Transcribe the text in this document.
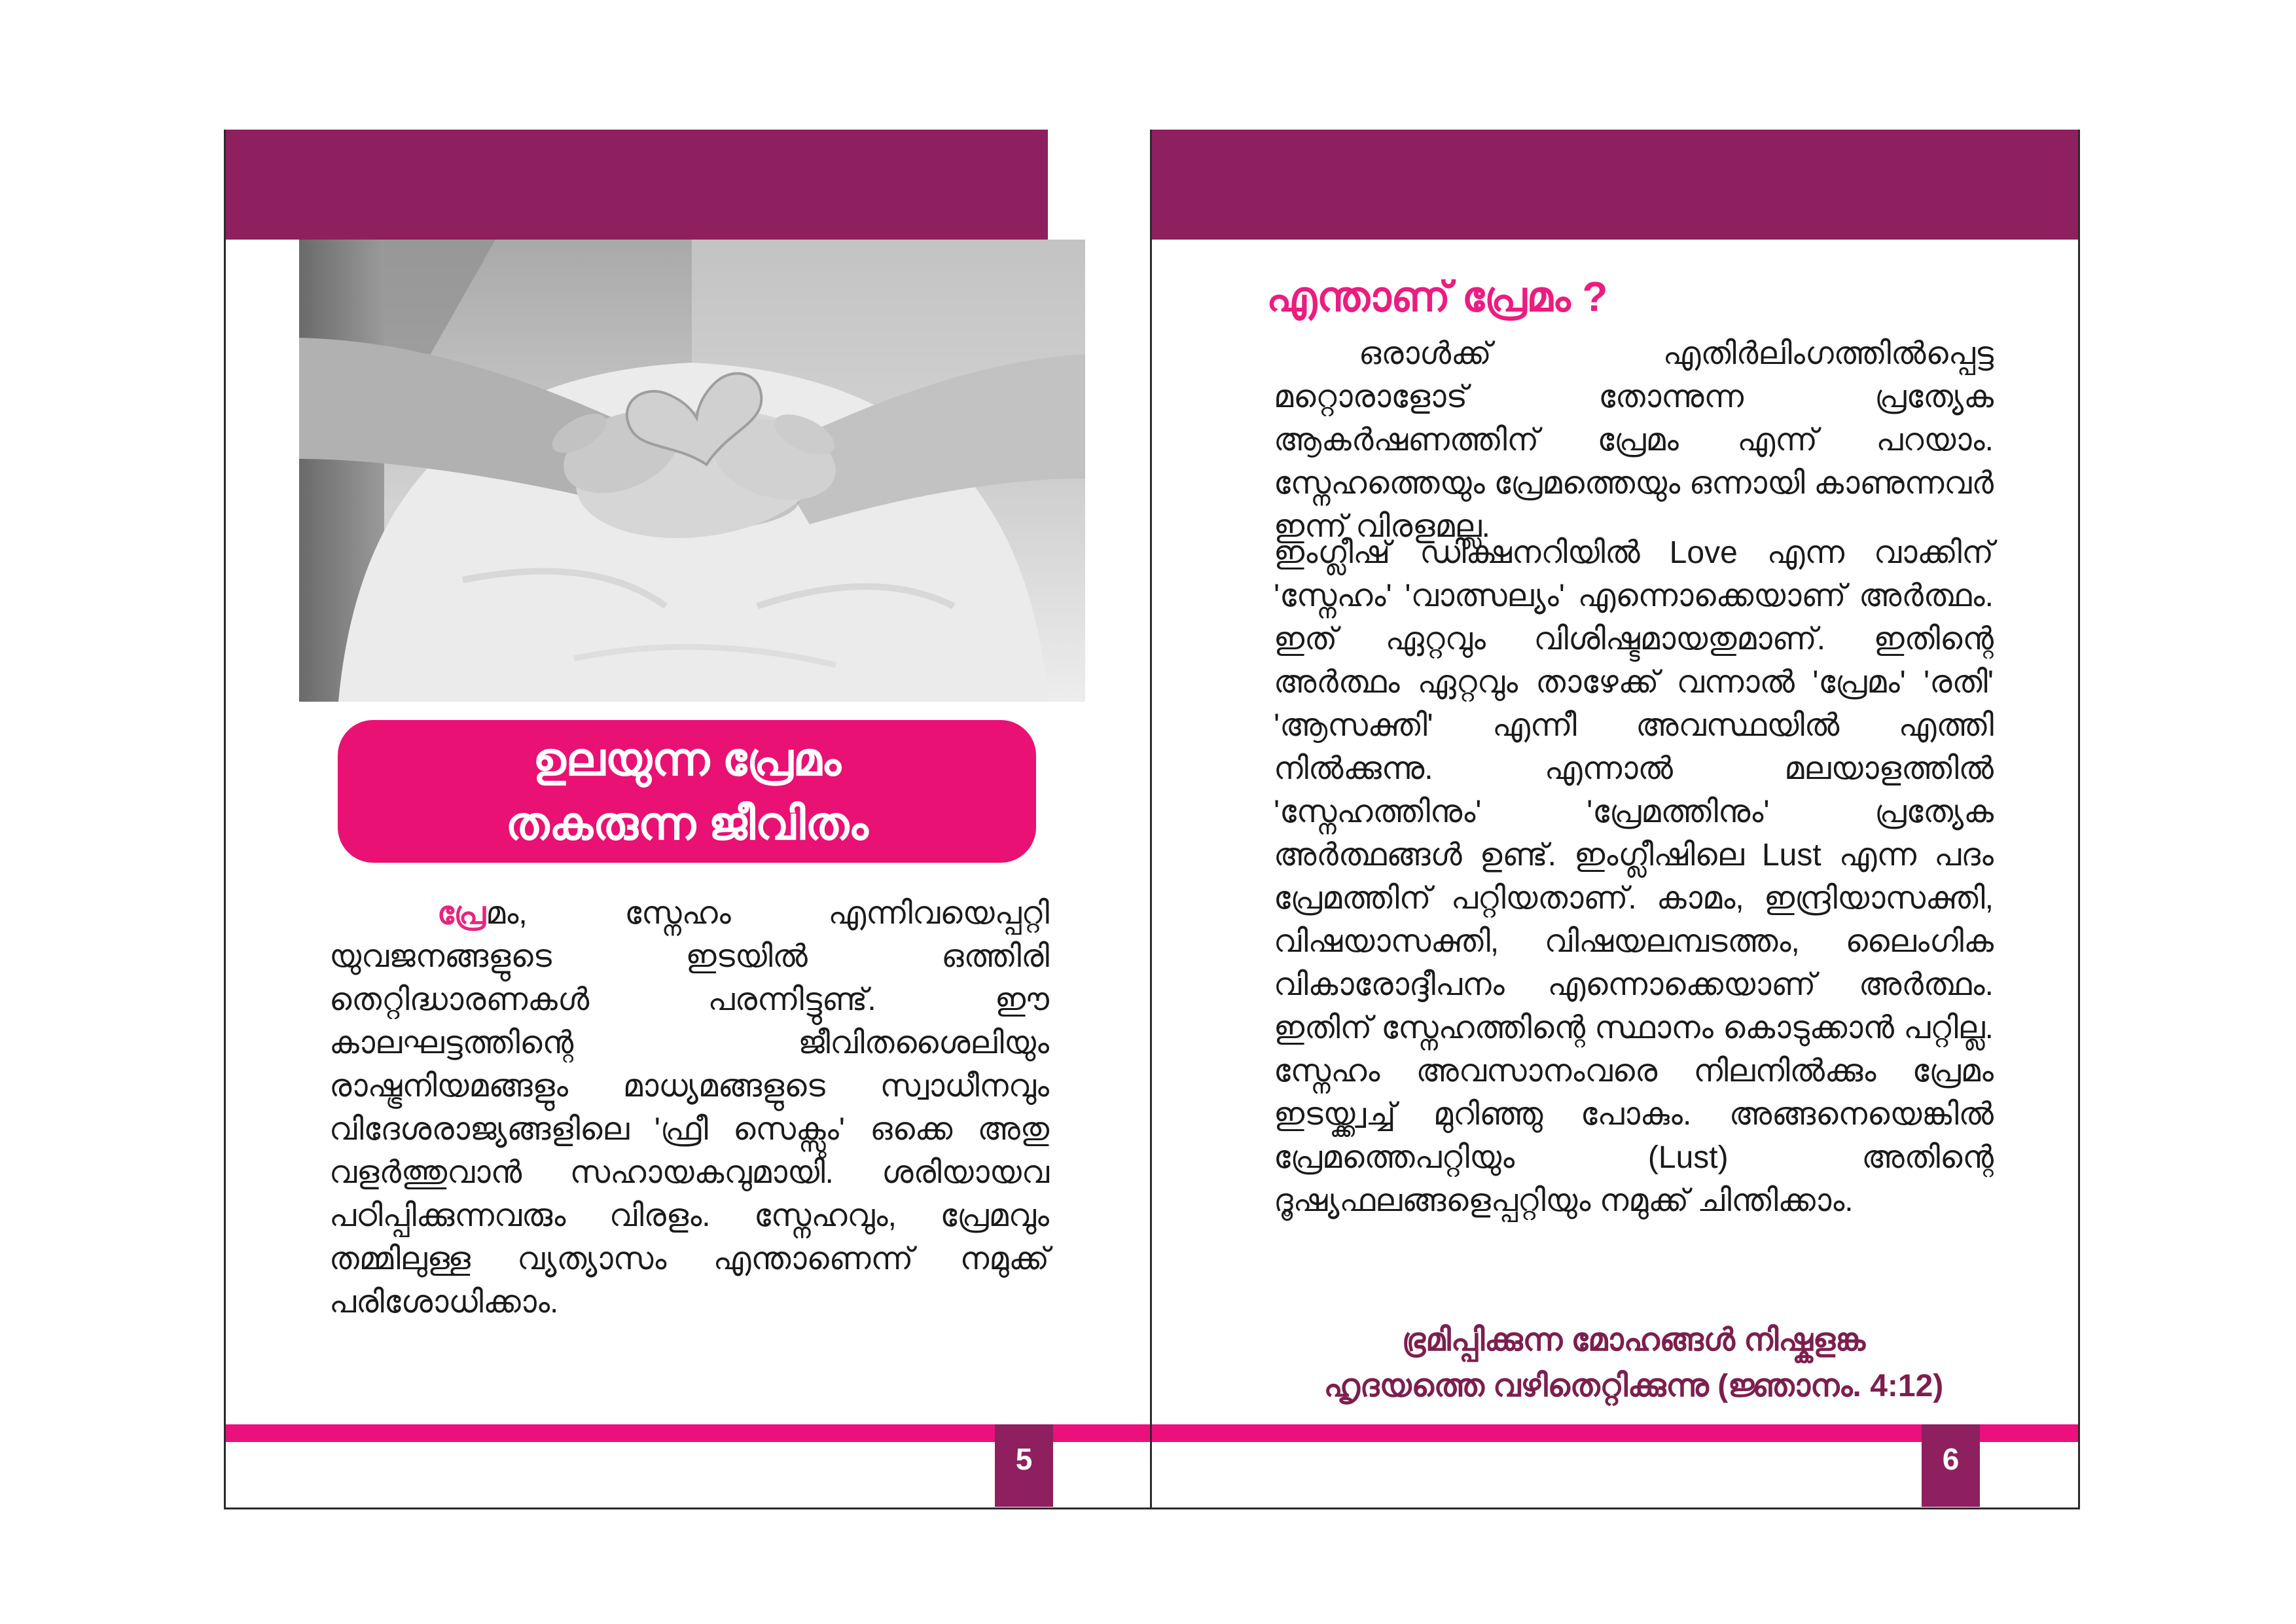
ഉലയുന്ന പ്രേമം
തകരുന്ന ജീവിതം
പ്രേമം, സ്നേഹം എന്നിവയെപ്പറ്റി യുവജനങ്ങളുടെ ഇടയിൽ ഒത്തിരി തെറ്റിദ്ധാരണകൾ പരന്നിട്ടുണ്ട്. ഈ കാലഘട്ടത്തിന്റെ ജീവിതശൈലിയും രാഷ്ട്രനിയമങ്ങളും മാധ്യമങ്ങളുടെ സ്വാധീനവും വിദേശരാജ്യങ്ങളിലെ 'ഫ്രീ സെക്സും' ഒക്കെ അതു വളർത്തുവാൻ സഹായകവുമായി. ശരിയായവ പഠിപ്പിക്കുന്നവരും വിരളം. സ്നേഹവും, പ്രേമവും തമ്മിലുള്ള വ്യത്യാസം എന്താണെന്ന് നമുക്ക് പരിശോധിക്കാം.
എന്താണ് പ്രേമം ?
ഒരാൾക്ക് എതിർലിംഗത്തിൽപ്പെട്ട മറ്റൊരാളോട് തോന്നുന്ന പ്രത്യേക ആകർഷണത്തിന് പ്രേമം എന്ന് പറയാം. സ്നേഹത്തെയും പ്രേമത്തെയും ഒന്നായി കാണുന്നവർ ഇന്ന് വിരളമല്ല.
ഇംഗ്ലീഷ് ഡിക്ഷനറിയിൽ Love എന്ന വാക്കിന് 'സ്നേഹം' 'വാത്സല്യം' എന്നൊക്കെയാണ് അർത്ഥം. ഇത് ഏറ്റവും വിശിഷ്ടമായതുമാണ്. ഇതിന്റെ അർത്ഥം ഏറ്റവും താഴേക്ക് വന്നാൽ 'പ്രേമം' 'രതി' 'ആസക്തി' എന്നീ അവസ്ഥയിൽ എത്തി നിൽക്കുന്നു. എന്നാൽ മലയാളത്തിൽ 'സ്നേഹത്തിനും' 'പ്രേമത്തിനും' പ്രത്യേക അർത്ഥങ്ങൾ ഉണ്ട്. ഇംഗ്ലീഷിലെ Lust എന്ന പദം പ്രേമത്തിന് പറ്റിയതാണ്. കാമം, ഇന്ദ്രിയാസക്തി, വിഷയാസക്തി, വിഷയലമ്പടത്തം, ലൈംഗിക വികാരോദ്ദീപനം എന്നൊക്കെയാണ് അർത്ഥം. ഇതിന് സ്നേഹത്തിന്റെ സ്ഥാനം കൊടുക്കാൻ പറ്റില്ല. സ്നേഹം അവസാനംവരെ നിലനിൽക്കും പ്രേമം ഇടയ്ക്ക്വച്ച് മുറിഞ്ഞു പോകും. അങ്ങനെയെങ്കിൽ പ്രേമത്തെപറ്റിയും (Lust) അതിന്റെ ദൂഷ്യഫലങ്ങളെപ്പറ്റിയും നമുക്ക് ചിന്തിക്കാം.
ഭ്രമിപ്പിക്കുന്ന മോഹങ്ങൾ നിഷ്കളങ്ക
ഹൃദയത്തെ വഴിതെറ്റിക്കുന്നു (ജ്ഞാനം. 4:12)
5	6
